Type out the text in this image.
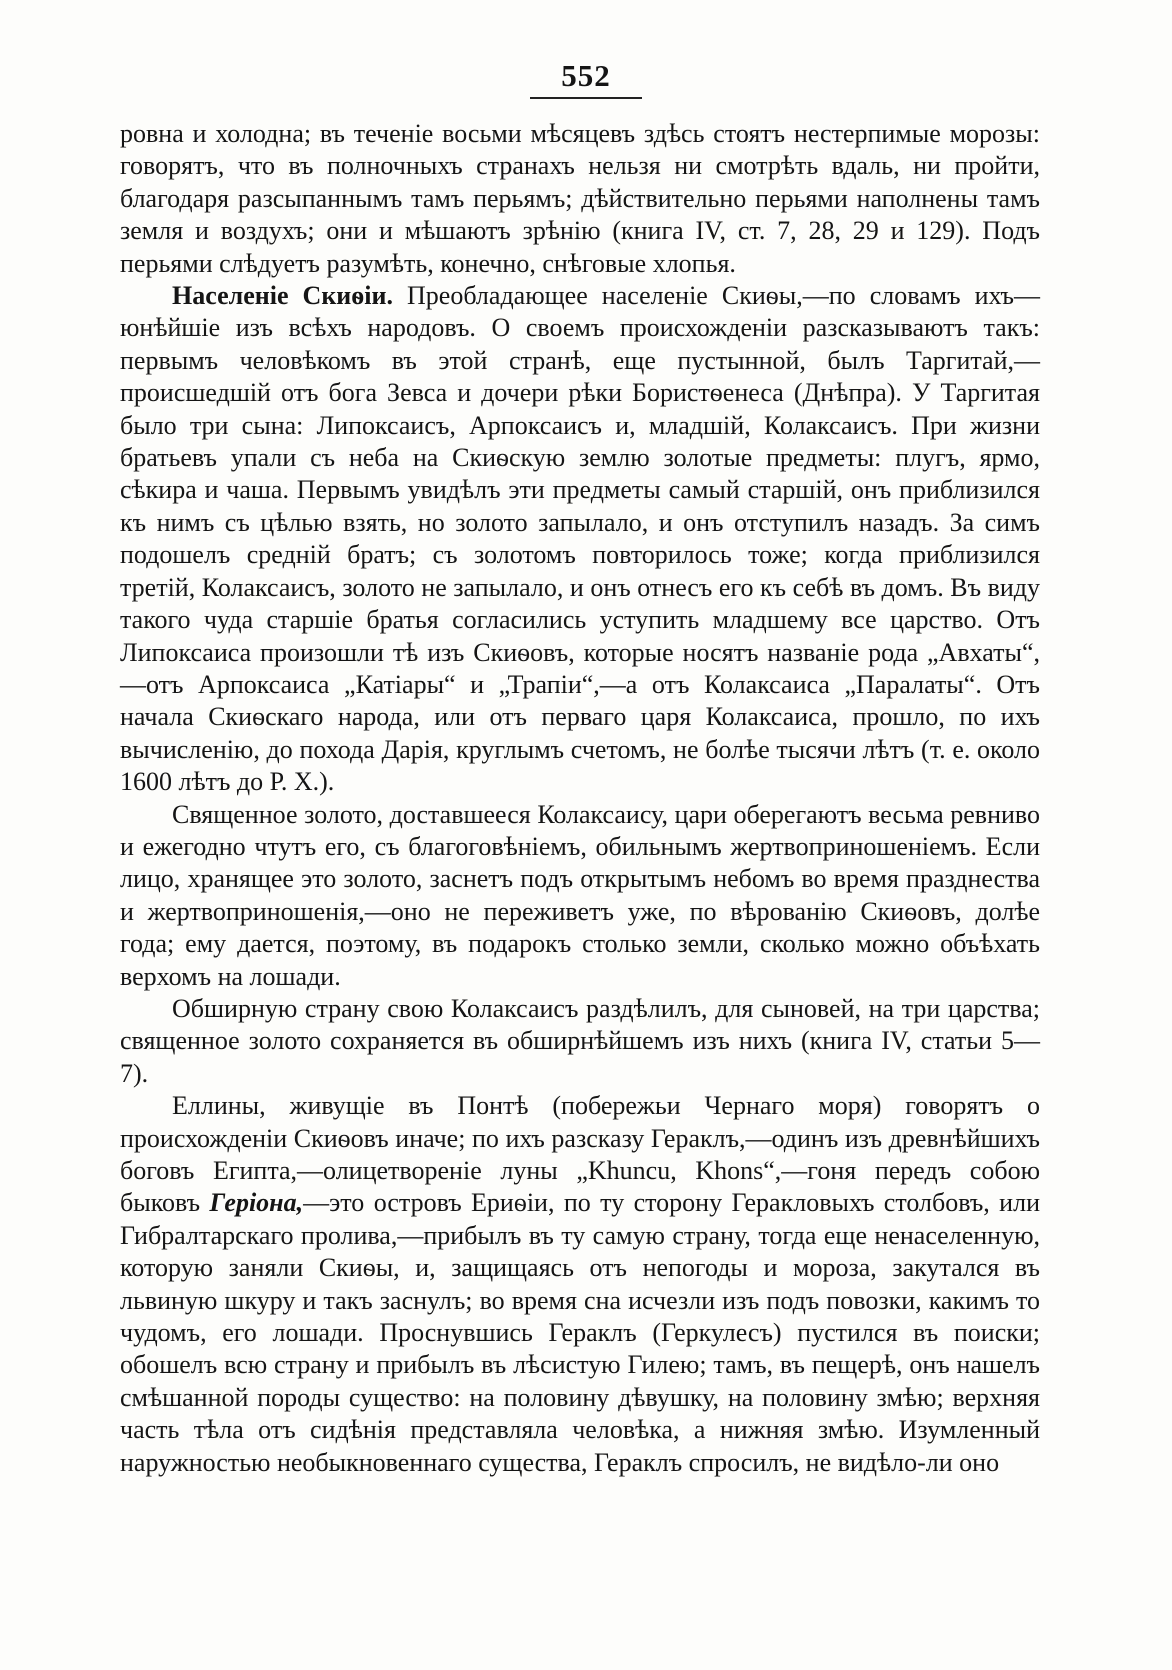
552

ровна и холодна; въ теченіе восьми мѣсяцевъ здѣсь стоятъ нестерпимые морозы: говорятъ, что въ полночныхъ странахъ нельзя ни смотрѣть вдаль, ни пройти, благодаря разсыпаннымъ тамъ перьямъ; дѣйствительно перьями наполнены тамъ земля и воздухъ; они и мѣшаютъ зрѣнію (книга IV, ст. 7, 28, 29 и 129). Подъ перьями слѣдуетъ разумѣть, конечно, снѣговые хлопья.

Населеніе Скиѳіи. Преобладающее населеніе Скиѳы,—по словамъ ихъ—юнѣйшіе изъ всѣхъ народовъ. О своемъ происхожденіи разсказываютъ такъ: первымъ человѣкомъ въ этой странѣ, еще пустынной, былъ Таргитай,—происшедшій отъ бога Зевса и дочери рѣки Бористѳенеса (Днѣпра). У Таргитая было три сына: Липоксаисъ, Арпоксаисъ и, младшій, Колаксаисъ. При жизни братьевъ упали съ неба на Скиѳскую землю золотые предметы: плугъ, ярмо, сѣкира и чаша. Первымъ увидѣлъ эти предметы самый старшій, онъ приблизился къ нимъ съ цѣлью взять, но золото запылало, и онъ отступилъ назадъ. За симъ подошелъ средній братъ; съ золотомъ повторилось тоже; когда приблизился третій, Колаксаисъ, золото не запылало, и онъ отнесъ его къ себѣ въ домъ. Въ виду такого чуда старшіе братья согласились уступить младшему все царство. Отъ Липоксаиса произошли тѣ изъ Скиѳовъ, которые носятъ названіе рода „Авхаты“,—отъ Арпоксаиса „Катіары“ и „Трапіи“,—а отъ Колаксаиса „Паралаты“. Отъ начала Скиѳскаго народа, или отъ перваго царя Колаксаиса, прошло, по ихъ вычисленію, до похода Дарія, круглымъ счетомъ, не болѣе тысячи лѣтъ (т. е. около 1600 лѣтъ до Р. Х.).

Священное золото, доставшееся Колаксаису, цари оберегаютъ весьма ревниво и ежегодно чтутъ его, съ благоговѣніемъ, обильнымъ жертвоприношеніемъ. Если лицо, хранящее это золото, заснетъ подъ открытымъ небомъ во время празднества и жертвоприношенія,—оно не переживетъ уже, по вѣрованію Скиѳовъ, долѣе года; ему дается, поэтому, въ подарокъ столько земли, сколько можно объѣхать верхомъ на лошади.

Обширную страну свою Колаксаисъ раздѣлилъ, для сыновей, на три царства; священное золото сохраняется въ обширнѣйшемъ изъ нихъ (книга IV, статьи 5—7).

Еллины, живущіе въ Понтѣ (побережьи Чернаго моря) говорятъ о происхожденіи Скиѳовъ иначе; по ихъ разсказу Гераклъ,—одинъ изъ древнѣйшихъ боговъ Египта,—олицетвореніе луны „Khunсu, Khons“,—гоня передъ собою быковъ Геріона,—это островъ Ериѳіи, по ту сторону Геракловыхъ столбовъ, или Гибралтарскаго пролива,—прибылъ въ ту самую страну, тогда еще ненаселенную, которую заняли Скиѳы, и, защищаясь отъ непогоды и мороза, закутался въ львиную шкуру и такъ заснулъ; во время сна исчезли изъ подъ повозки, какимъ то чудомъ, его лошади. Проснувшись Гераклъ (Геркулесъ) пустился въ поиски; обошелъ всю страну и прибылъ въ лѣсистую Гилею; тамъ, въ пещерѣ, онъ нашелъ смѣшанной породы существо: на половину дѣвушку, на половину змѣю; верхняя часть тѣла отъ сидѣнія представляла человѣка, а нижняя змѣю. Изумленный наружностью необыкновеннаго существа, Гераклъ спросилъ, не видѣло-ли оно
